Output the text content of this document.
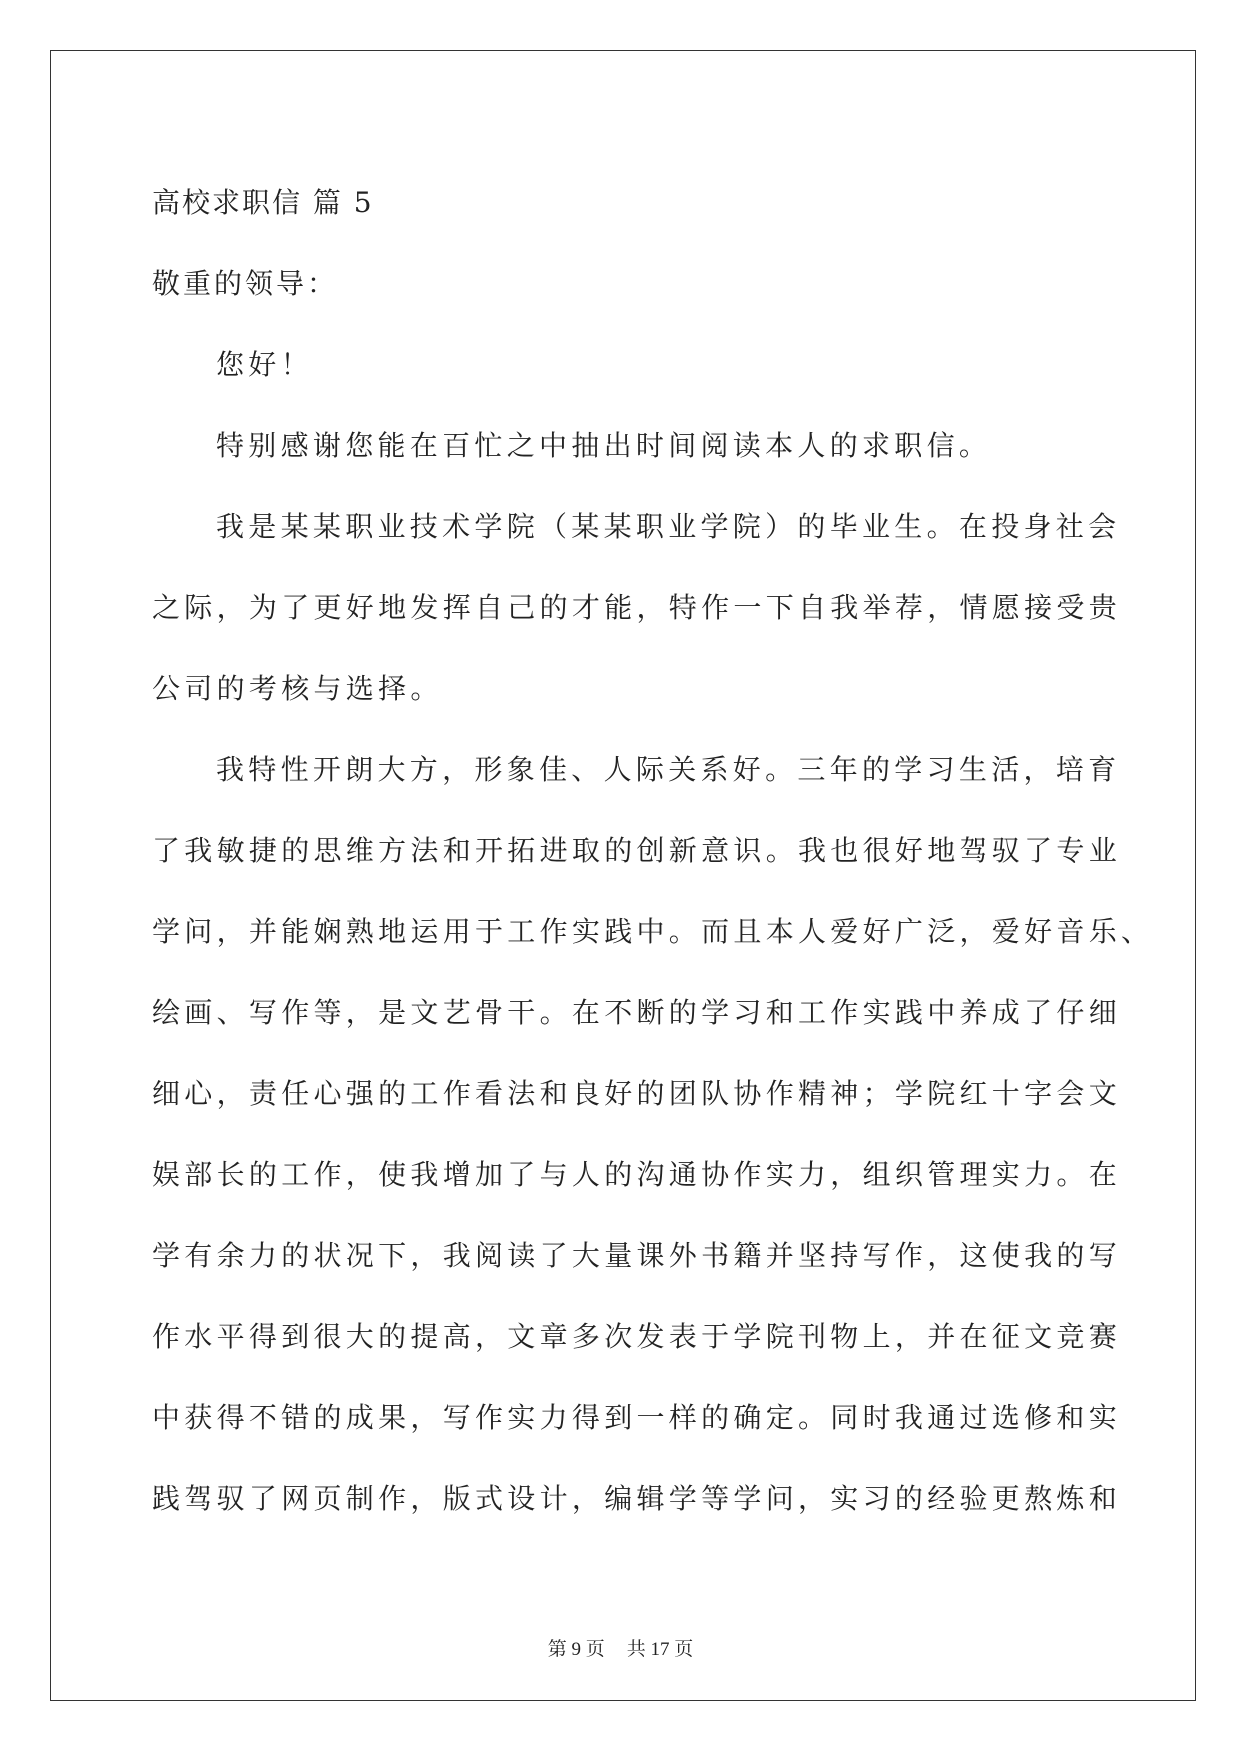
高校求职信 篇 5
敬重的领导：
您好！
特别感谢您能在百忙之中抽出时间阅读本人的求职信。
我是某某职业技术学院（某某职业学院）的毕业生。在投身社会
之际，为了更好地发挥自己的才能，特作一下自我举荐，情愿接受贵
公司的考核与选择。
我特性开朗大方，形象佳、人际关系好。三年的学习生活，培育
了我敏捷的思维方法和开拓进取的创新意识。我也很好地驾驭了专业
学问，并能娴熟地运用于工作实践中。而且本人爱好广泛，爱好音乐、
绘画、写作等，是文艺骨干。在不断的学习和工作实践中养成了仔细
细心，责任心强的工作看法和良好的团队协作精神；学院红十字会文
娱部长的工作，使我增加了与人的沟通协作实力，组织管理实力。在
学有余力的状况下，我阅读了大量课外书籍并坚持写作，这使我的写
作水平得到很大的提高，文章多次发表于学院刊物上，并在征文竞赛
中获得不错的成果，写作实力得到一样的确定。同时我通过选修和实
践驾驭了网页制作，版式设计，编辑学等学问，实习的经验更熬炼和
第 9 页 共 17 页
